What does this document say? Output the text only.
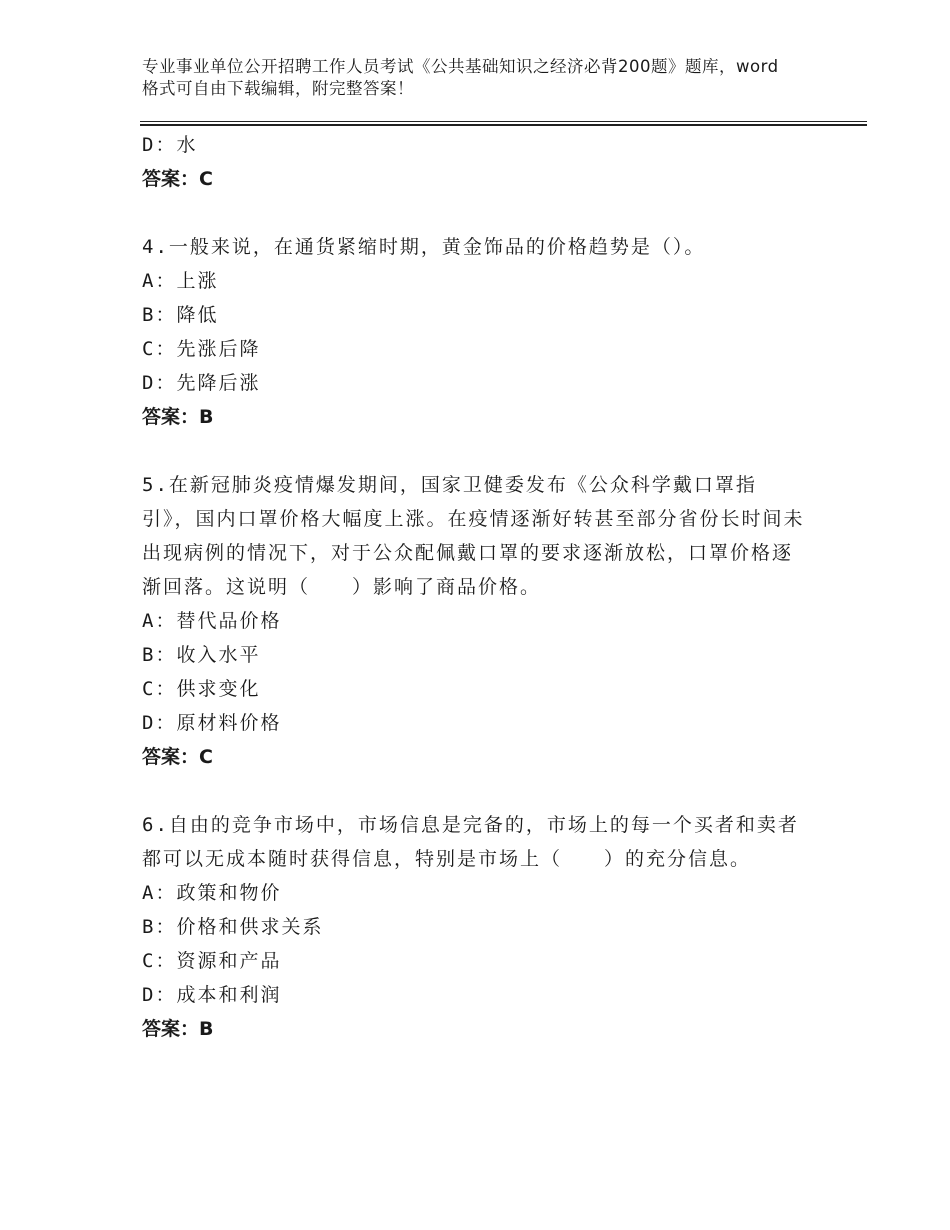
专业事业单位公开招聘工作人员考试《公共基础知识之经济必背200题》题库，word格式可自由下载编辑，附完整答案！

D：水

答案：C

4.一般来说，在通货紧缩时期，黄金饰品的价格趋势是（）。

A：上涨

B：降低

C：先涨后降

D：先降后涨

答案：B

5.在新冠肺炎疫情爆发期间，国家卫健委发布《公众科学戴口罩指引》，国内口罩价格大幅度上涨。在疫情逐渐好转甚至部分省份长时间未出现病例的情况下，对于公众配佩戴口罩的要求逐渐放松，口罩价格逐渐回落。这说明（　　）影响了商品价格。

A：替代品价格

B：收入水平

C：供求变化

D：原材料价格

答案：C

6.自由的竞争市场中，市场信息是完备的，市场上的每一个买者和卖者都可以无成本随时获得信息，特别是市场上（　　）的充分信息。

A：政策和物价

B：价格和供求关系

C：资源和产品

D：成本和利润

答案：B
